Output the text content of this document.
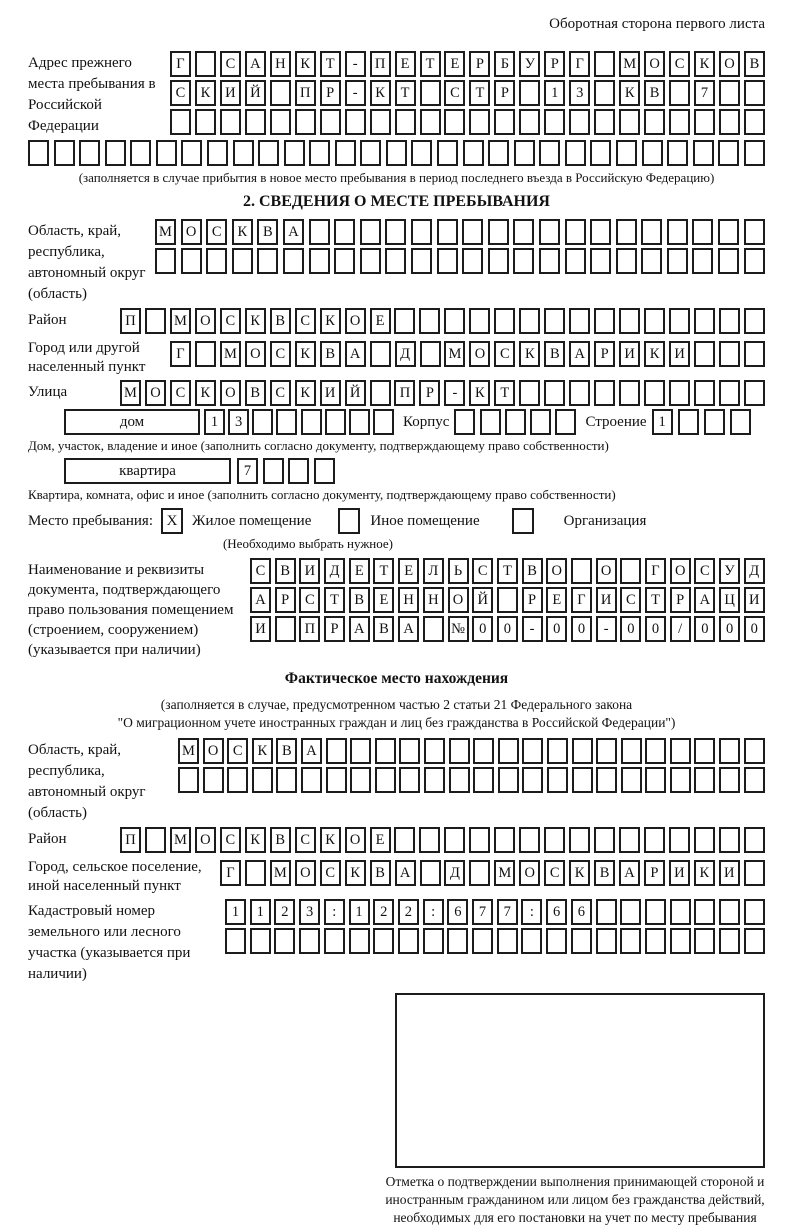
Оборотная сторона первого листа
Адрес прежнего места пребывания в Российской Федерации
Г	С	А Н	К	Т	-	П	Е	Т	Е	Р	Б	У	Р	Г	М О	С	К	О	В
С	К	И Й	П	Р	-	К	Т	С	Т	Р	1	3	К	В	7
(заполняется в случае прибытия в новое место пребывания в период последнего въезда в Российскую Федерацию)
2. СВЕДЕНИЯ О МЕСТЕ ПРЕБЫВАНИЯ
Область, край, республика, автономный округ (область)
М О	С	К	В	А
Район	П	М О	С	К	В	С	К	О	Е
Город или другой населенный пункт
Г	М О	С	К	В	А	Д	М О	С	К	В	А	Р	И	К	И
Улица	М О	С	К	О	В	С	К	И Й	П	Р	-	К	Т
дом	1	3	Корпус	Строение 1
Дом, участок, владение и иное (заполнить согласно документу, подтверждающему право собственности)
квартира	7
Квартира, комната, офис и иное (заполнить согласно документу, подтверждающему право собственности)
Место пребывания: X Жилое помещение	Иное помещение	Организация
(Необходимо выбрать нужное)
Наименование и реквизиты документа, подтверждающего право пользования помещением (строением, сооружением) (указывается при наличии)
С	В	И	Д	Е	Т	Е	Л	Ь	С	Т	В	О	О	Г	О	С	У	Д
А	Р	С	Т	В	Е	Н Н О Й	Р	Е	Г	И	С	Т	Р	А Ц И
И	П	Р	А	В	А	№ 0	0	-	0	0	-	0	0	/	0	0	0
Фактическое место нахождения
(заполняется в случае, предусмотренном частью 2 статьи 21 Федерального закона
"О миграционном учете иностранных граждан и лиц без гражданства в Российской Федерации")
Область, край, республика, автономный округ (область)
М О	С	К	В	А
Район	П	М О	С	К	В	С	К	О	Е
Город, сельское поселение, иной населенный пункт
Г	М О	С	К	В	А	Д	М О	С	К	В	А	Р	И	К	И
Кадастровый номер земельного или лесного участка (указывается при наличии)
1	1	2	3	:	1	2	2	:	6	7	7	:	6	6
Отметка о подтверждении выполнения принимающей стороной и иностранным гражданином или лицом без гражданства действий, необходимых для его постановки на учет по месту пребывания
